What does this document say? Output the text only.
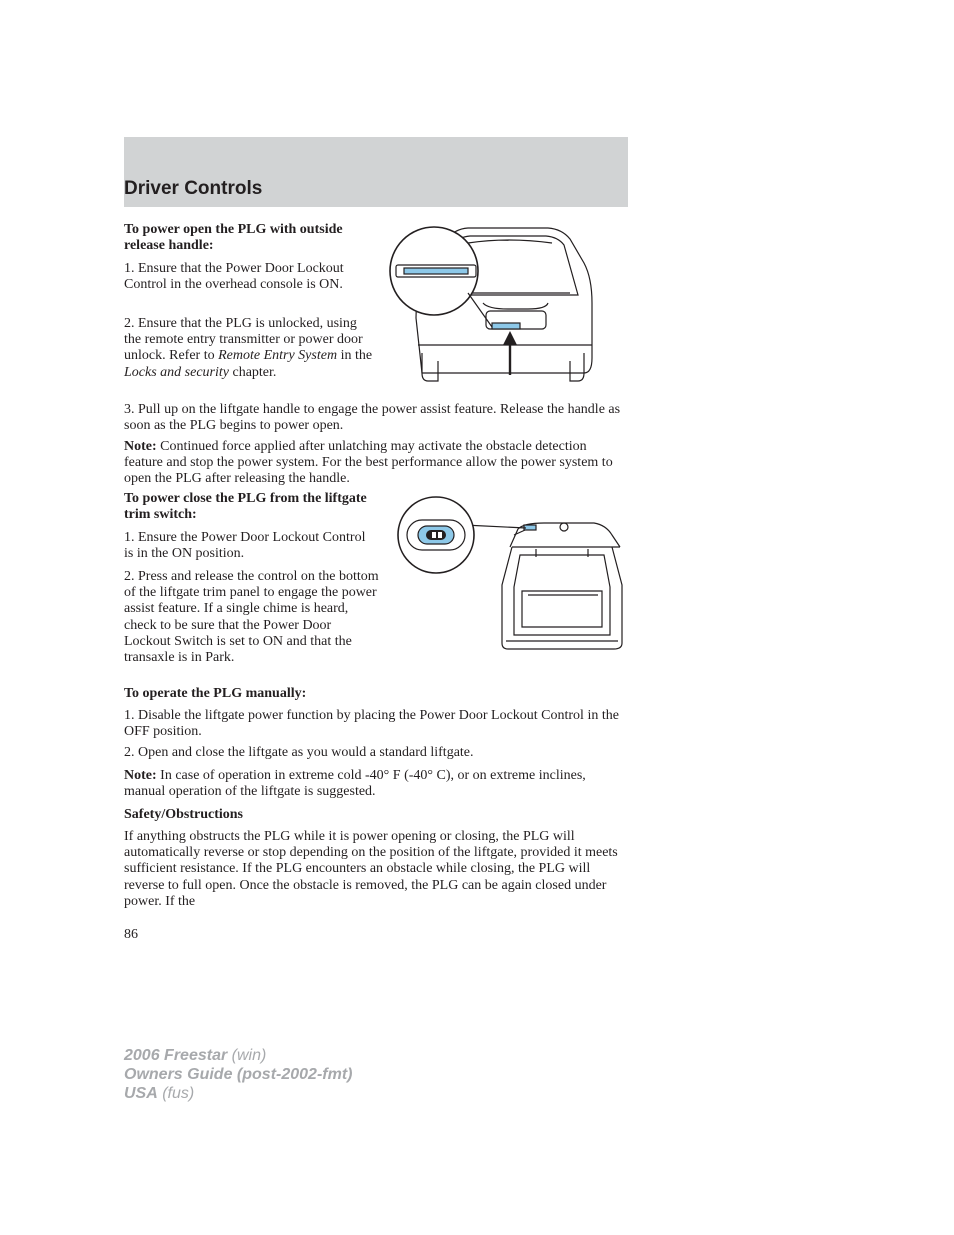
Driver Controls

To power open the PLG with outside release handle:

1. Ensure that the Power Door Lockout Control in the overhead console is ON.

2. Ensure that the PLG is unlocked, using the remote entry transmitter or power door unlock. Refer to Remote Entry System in the Locks and security chapter.

3. Pull up on the liftgate handle to engage the power assist feature. Release the handle as soon as the PLG begins to power open.

Note: Continued force applied after unlatching may activate the obstacle detection feature and stop the power system. For the best performance allow the power system to open the PLG after releasing the handle.

To power close the PLG from the liftgate trim switch:

1. Ensure the Power Door Lockout Control is in the ON position.

2. Press and release the control on the bottom of the liftgate trim panel to engage the power assist feature. If a single chime is heard, check to be sure that the Power Door Lockout Switch is set to ON and that the transaxle is in Park.

To operate the PLG manually:

1. Disable the liftgate power function by placing the Power Door Lockout Control in the OFF position.

2. Open and close the liftgate as you would a standard liftgate.

Note: In case of operation in extreme cold -40° F (-40° C), or on extreme inclines, manual operation of the liftgate is suggested.

Safety/Obstructions

If anything obstructs the PLG while it is power opening or closing, the PLG will automatically reverse or stop depending on the position of the liftgate, provided it meets sufficient resistance. If the PLG encounters an obstacle while closing, the PLG will reverse to full open. Once the obstacle is removed, the PLG can be again closed under power. If the

86

2006 Freestar (win)
Owners Guide (post-2002-fmt)
USA (fus)
